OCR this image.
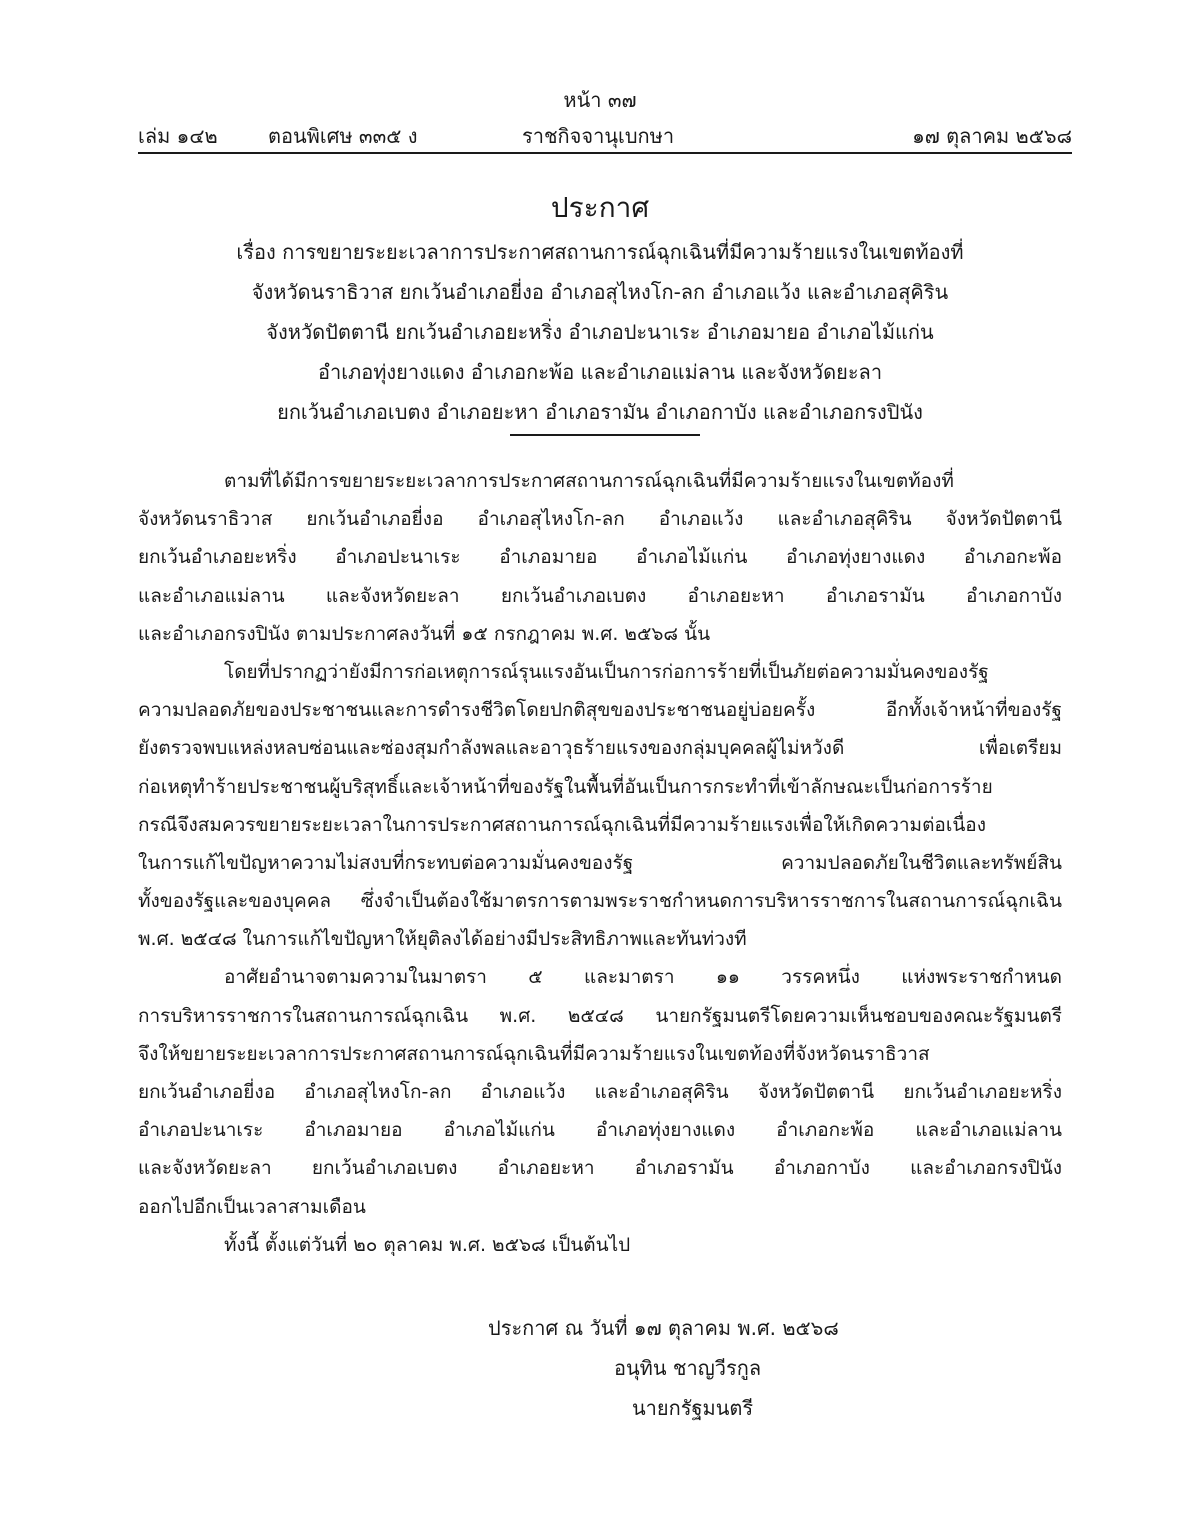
หน้า ๓๗
เล่ม ๑๔๒	ตอนพิเศษ ๓๓๕ ง	ราชกิจจานุเบกษา	๑๗ ตุลาคม ๒๕๖๘
ประกาศ
เรื่อง การขยายระยะเวลาการประกาศสถานการณ์ฉุกเฉินที่มีความร้ายแรงในเขตท้องที่
จังหวัดนราธิวาส ยกเว้นอำเภอยี่งอ อำเภอสุไหงโก-ลก อำเภอแว้ง และอำเภอสุคิริน
จังหวัดปัตตานี ยกเว้นอำเภอยะหริ่ง อำเภอปะนาเระ อำเภอมายอ อำเภอไม้แก่น
อำเภอทุ่งยางแดง อำเภอกะพ้อ และอำเภอแม่ลาน และจังหวัดยะลา
ยกเว้นอำเภอเบตง อำเภอยะหา อำเภอรามัน อำเภอกาบัง และอำเภอกรงปินัง
ตามที่ได้มีการขยายระยะเวลาการประกาศสถานการณ์ฉุกเฉินที่มีความร้ายแรงในเขตท้องที่
จังหวัดนราธิวาส ยกเว้นอำเภอยี่งอ อำเภอสุไหงโก-ลก อำเภอแว้ง และอำเภอสุคิริน จังหวัดปัตตานี
ยกเว้นอำเภอยะหริ่ง อำเภอปะนาเระ อำเภอมายอ อำเภอไม้แก่น อำเภอทุ่งยางแดง อำเภอกะพ้อ
และอำเภอแม่ลาน และจังหวัดยะลา ยกเว้นอำเภอเบตง อำเภอยะหา อำเภอรามัน อำเภอกาบัง
และอำเภอกรงปินัง ตามประกาศลงวันที่ ๑๕ กรกฎาคม พ.ศ. ๒๕๖๘ นั้น
โดยที่ปรากฏว่ายังมีการก่อเหตุการณ์รุนแรงอันเป็นการก่อการร้ายที่เป็นภัยต่อความมั่นคงของรัฐ
ความปลอดภัยของประชาชนและการดำรงชีวิตโดยปกติสุขของประชาชนอยู่บ่อยครั้ง อีกทั้งเจ้าหน้าที่ของรัฐ
ยังตรวจพบแหล่งหลบซ่อนและซ่องสุมกำลังพลและอาวุธร้ายแรงของกลุ่มบุคคลผู้ไม่หวังดี เพื่อเตรียม
ก่อเหตุทำร้ายประชาชนผู้บริสุทธิ์และเจ้าหน้าที่ของรัฐในพื้นที่อันเป็นการกระทำที่เข้าลักษณะเป็นก่อการร้าย
กรณีจึงสมควรขยายระยะเวลาในการประกาศสถานการณ์ฉุกเฉินที่มีความร้ายแรงเพื่อให้เกิดความต่อเนื่อง
ในการแก้ไขปัญหาความไม่สงบที่กระทบต่อความมั่นคงของรัฐ ความปลอดภัยในชีวิตและทรัพย์สิน
ทั้งของรัฐและของบุคคล ซึ่งจำเป็นต้องใช้มาตรการตามพระราชกำหนดการบริหารราชการในสถานการณ์ฉุกเฉิน
พ.ศ. ๒๕๔๘ ในการแก้ไขปัญหาให้ยุติลงได้อย่างมีประสิทธิภาพและทันท่วงที
อาศัยอำนาจตามความในมาตรา ๕ และมาตรา ๑๑ วรรคหนึ่ง แห่งพระราชกำหนด
การบริหารราชการในสถานการณ์ฉุกเฉิน พ.ศ. ๒๕๔๘ นายกรัฐมนตรีโดยความเห็นชอบของคณะรัฐมนตรี
จึงให้ขยายระยะเวลาการประกาศสถานการณ์ฉุกเฉินที่มีความร้ายแรงในเขตท้องที่จังหวัดนราธิวาส
ยกเว้นอำเภอยี่งอ อำเภอสุไหงโก-ลก อำเภอแว้ง และอำเภอสุคิริน จังหวัดปัตตานี ยกเว้นอำเภอยะหริ่ง
อำเภอปะนาเระ อำเภอมายอ อำเภอไม้แก่น อำเภอทุ่งยางแดง อำเภอกะพ้อ และอำเภอแม่ลาน
และจังหวัดยะลา ยกเว้นอำเภอเบตง อำเภอยะหา อำเภอรามัน อำเภอกาบัง และอำเภอกรงปินัง
ออกไปอีกเป็นเวลาสามเดือน
ทั้งนี้ ตั้งแต่วันที่ ๒๐ ตุลาคม พ.ศ. ๒๕๖๘ เป็นต้นไป
ประกาศ ณ วันที่ ๑๗ ตุลาคม พ.ศ. ๒๕๖๘
อนุทิน ชาญวีรกูล
นายกรัฐมนตรี
